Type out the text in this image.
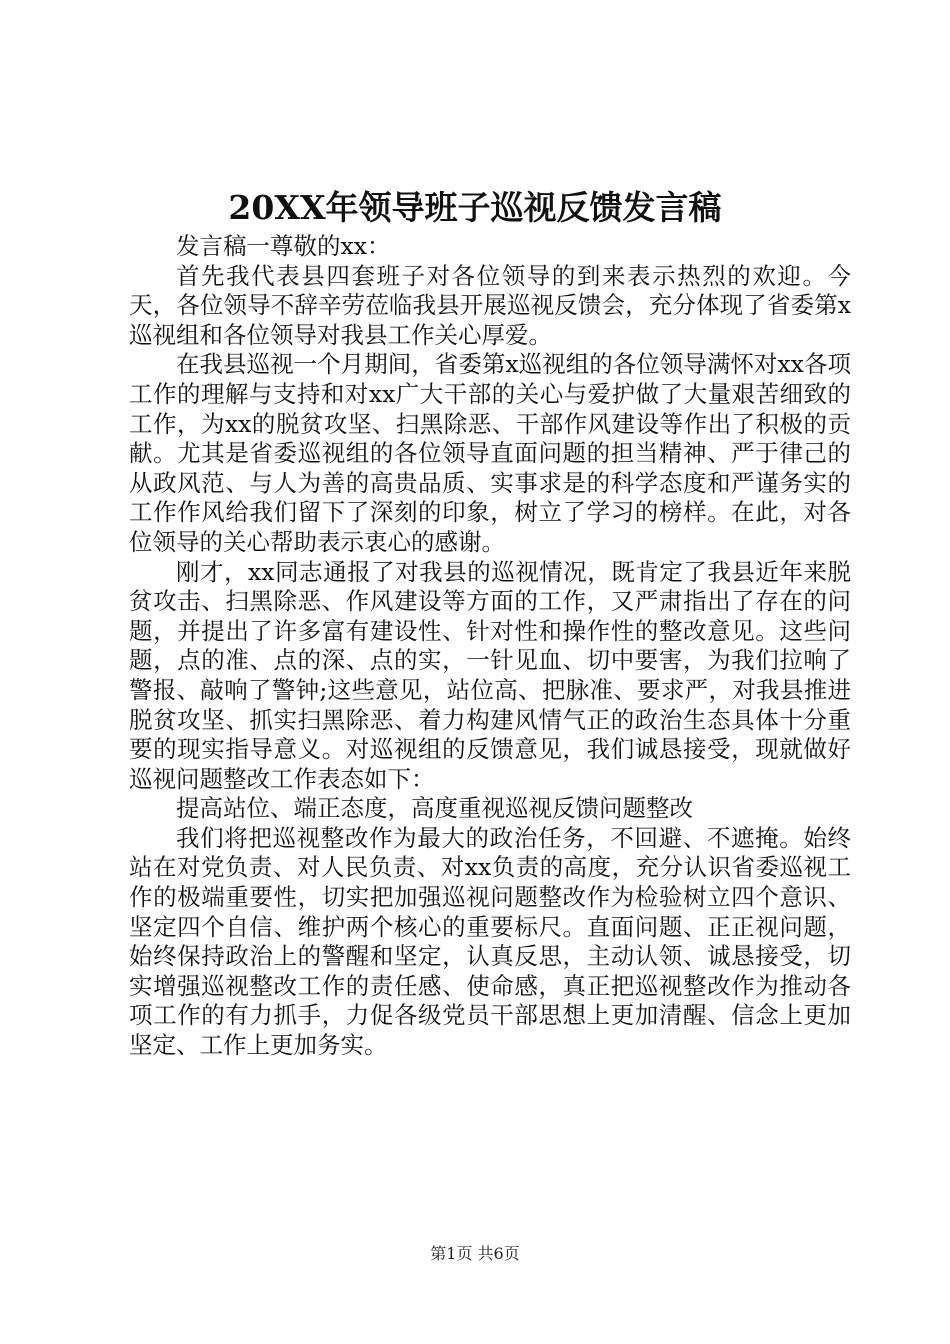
20XX年领导班子巡视反馈发言稿

发言稿一尊敬的xx：

首先我代表县四套班子对各位领导的到来表示热烈的欢迎。今天，各位领导不辞辛劳莅临我县开展巡视反馈会，充分体现了省委第x巡视组和各位领导对我县工作关心厚爱。

在我县巡视一个月期间，省委第x巡视组的各位领导满怀对xx各项工作的理解与支持和对xx广大干部的关心与爱护做了大量艰苦细致的工作，为xx的脱贫攻坚、扫黑除恶、干部作风建设等作出了积极的贡献。尤其是省委巡视组的各位领导直面问题的担当精神、严于律己的从政风范、与人为善的高贵品质、实事求是的科学态度和严谨务实的工作作风给我们留下了深刻的印象，树立了学习的榜样。在此，对各位领导的关心帮助表示衷心的感谢。

刚才，xx同志通报了对我县的巡视情况，既肯定了我县近年来脱贫攻击、扫黑除恶、作风建设等方面的工作，又严肃指出了存在的问题，并提出了许多富有建设性、针对性和操作性的整改意见。这些问题，点的准、点的深、点的实，一针见血、切中要害，为我们拉响了警报、敲响了警钟;这些意见，站位高、把脉准、要求严，对我县推进脱贫攻坚、抓实扫黑除恶、着力构建风情气正的政治生态具体十分重要的现实指导意义。对巡视组的反馈意见，我们诚恳接受，现就做好巡视问题整改工作表态如下：

提高站位、端正态度，高度重视巡视反馈问题整改

我们将把巡视整改作为最大的政治任务，不回避、不遮掩。始终站在对党负责、对人民负责、对xx负责的高度，充分认识省委巡视工作的极端重要性，切实把加强巡视问题整改作为检验树立四个意识、坚定四个自信、维护两个核心的重要标尺。直面问题、正正视问题，始终保持政治上的警醒和坚定，认真反思，主动认领、诚恳接受，切实增强巡视整改工作的责任感、使命感，真正把巡视整改作为推动各项工作的有力抓手，力促各级党员干部思想上更加清醒、信念上更加坚定、工作上更加务实。

第1页 共6页
